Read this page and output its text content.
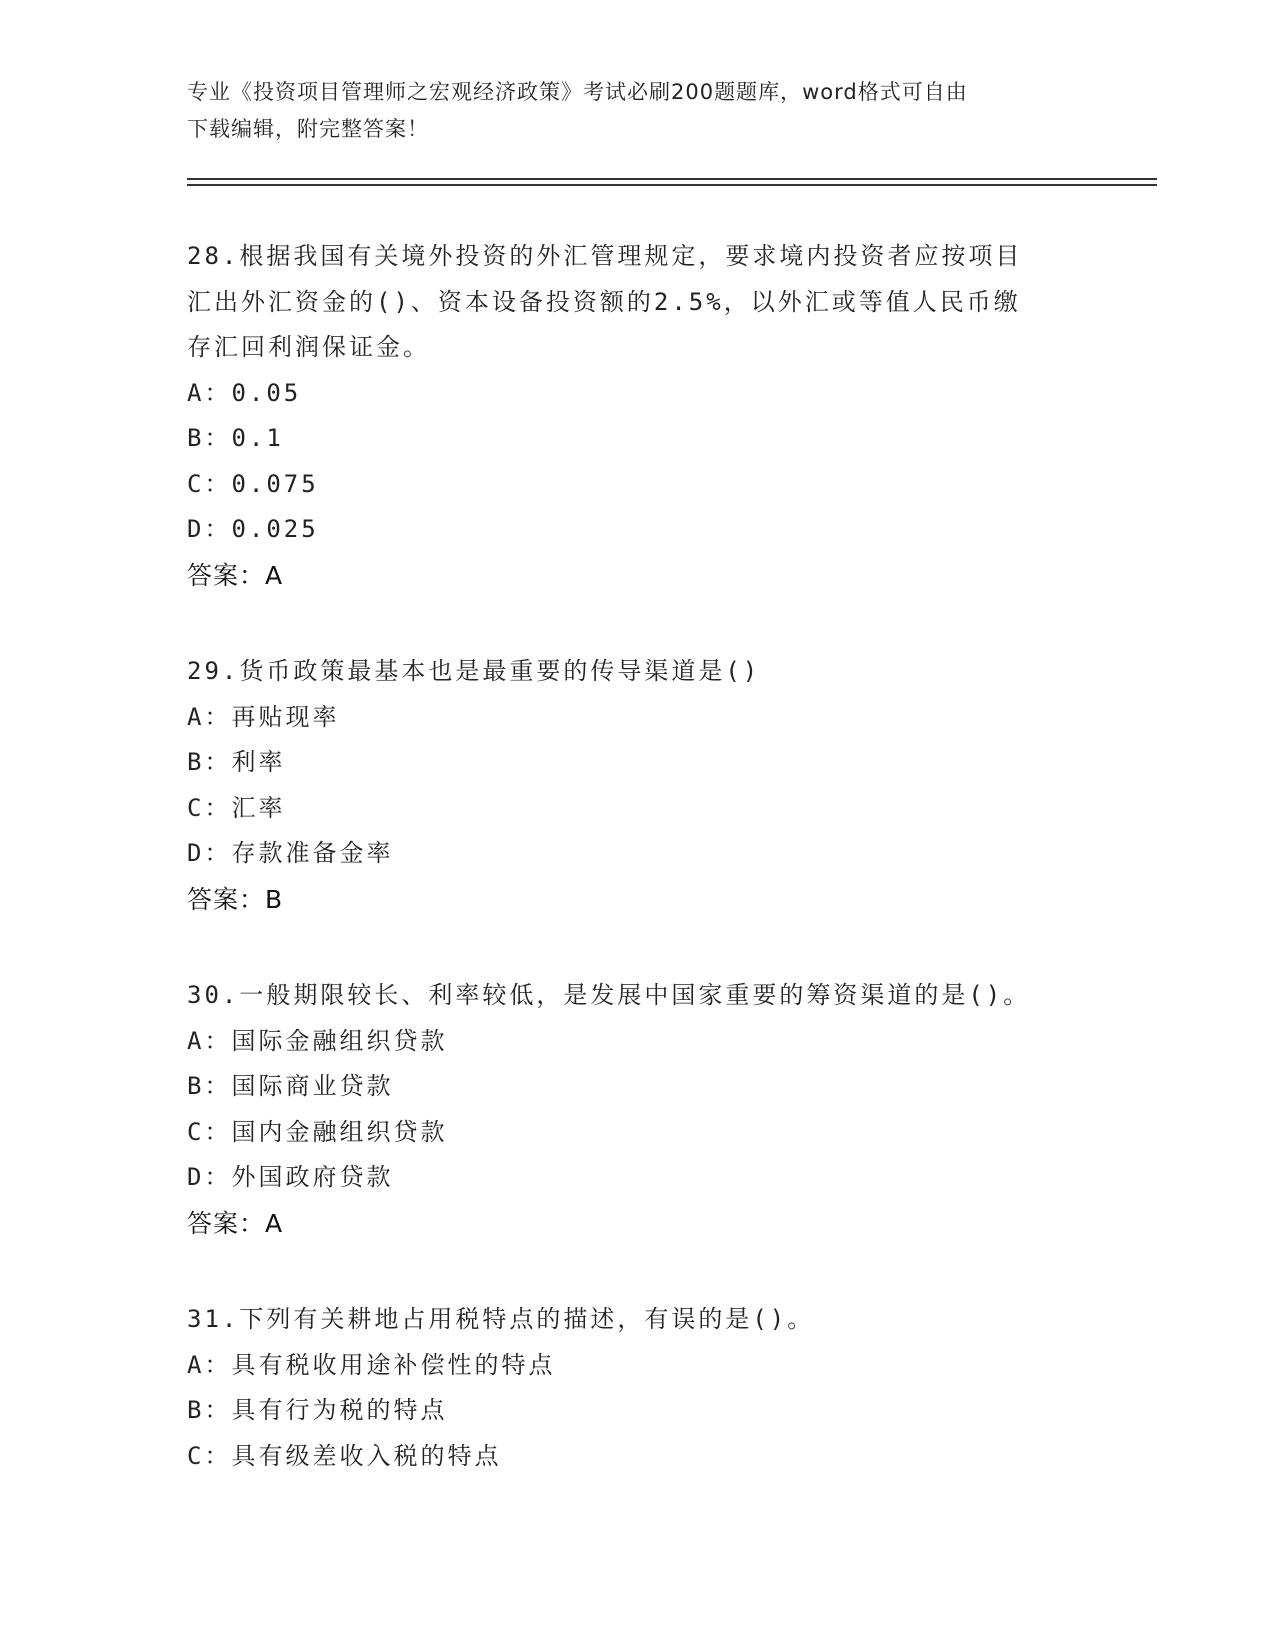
专业《投资项目管理师之宏观经济政策》考试必刷200题题库，word格式可自由
下载编辑，附完整答案！
28.根据我国有关境外投资的外汇管理规定，要求境内投资者应按项目
汇出外汇资金的()、资本设备投资额的2.5%，以外汇或等值人民币缴
存汇回利润保证金。
A：0.05
B：0.1
C：0.075
D：0.025
答案：A
29.货币政策最基本也是最重要的传导渠道是()
A：再贴现率
B：利率
C：汇率
D：存款准备金率
答案：B
30.一般期限较长、利率较低，是发展中国家重要的筹资渠道的是()。
A：国际金融组织贷款
B：国际商业贷款
C：国内金融组织贷款
D：外国政府贷款
答案：A
31.下列有关耕地占用税特点的描述，有误的是()。
A：具有税收用途补偿性的特点
B：具有行为税的特点
C：具有级差收入税的特点
